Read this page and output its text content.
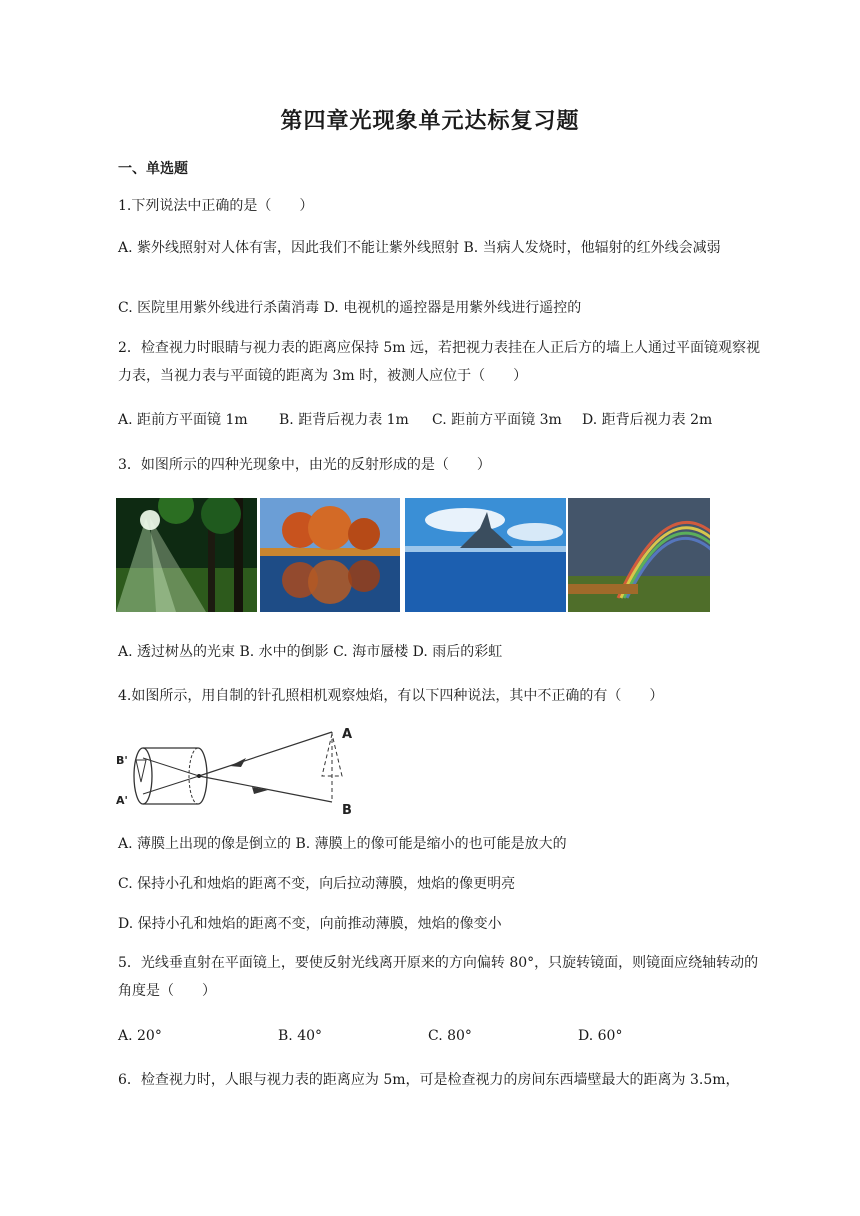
第四章光现象单元达标复习题
一、单选题
1.下列说法中正确的是（　　）
A. 紫外线照射对人体有害，因此我们不能让紫外线照射 B. 当病人发烧时，他辐射的红外线会减弱
C. 医院里用紫外线进行杀菌消毒 D. 电视机的遥控器是用紫外线进行遥控的
2．检查视力时眼睛与视力表的距离应保持 5m 远，若把视力表挂在人正后方的墙上人通过平面镜观察视力表，当视力表与平面镜的距离为 3m 时，被测人应位于（　　）
A. 距前方平面镜 1m B. 距背后视力表 1m C. 距前方平面镜 3m D. 距背后视力表 2m
3．如图所示的四种光现象中，由光的反射形成的是（　　）
A. 透过树丛的光束 B. 水中的倒影 C. 海市蜃楼 D. 雨后的彩虹
4.如图所示，用自制的针孔照相机观察烛焰，有以下四种说法，其中不正确的有（　　）
A
B
B'
A'
A. 薄膜上出现的像是倒立的 B. 薄膜上的像可能是缩小的也可能是放大的
C. 保持小孔和烛焰的距离不变，向后拉动薄膜，烛焰的像更明亮
D. 保持小孔和烛焰的距离不变，向前推动薄膜，烛焰的像变小
5．光线垂直射在平面镜上，要使反射光线离开原来的方向偏转 80°，只旋转镜面，则镜面应绕轴转动的角度是（　　）
A. 20°	B. 40°	C. 80°	D. 60°
6．检查视力时，人眼与视力表的距离应为 5m，可是检查视力的房间东西墙壁最大的距离为 3.5m，
